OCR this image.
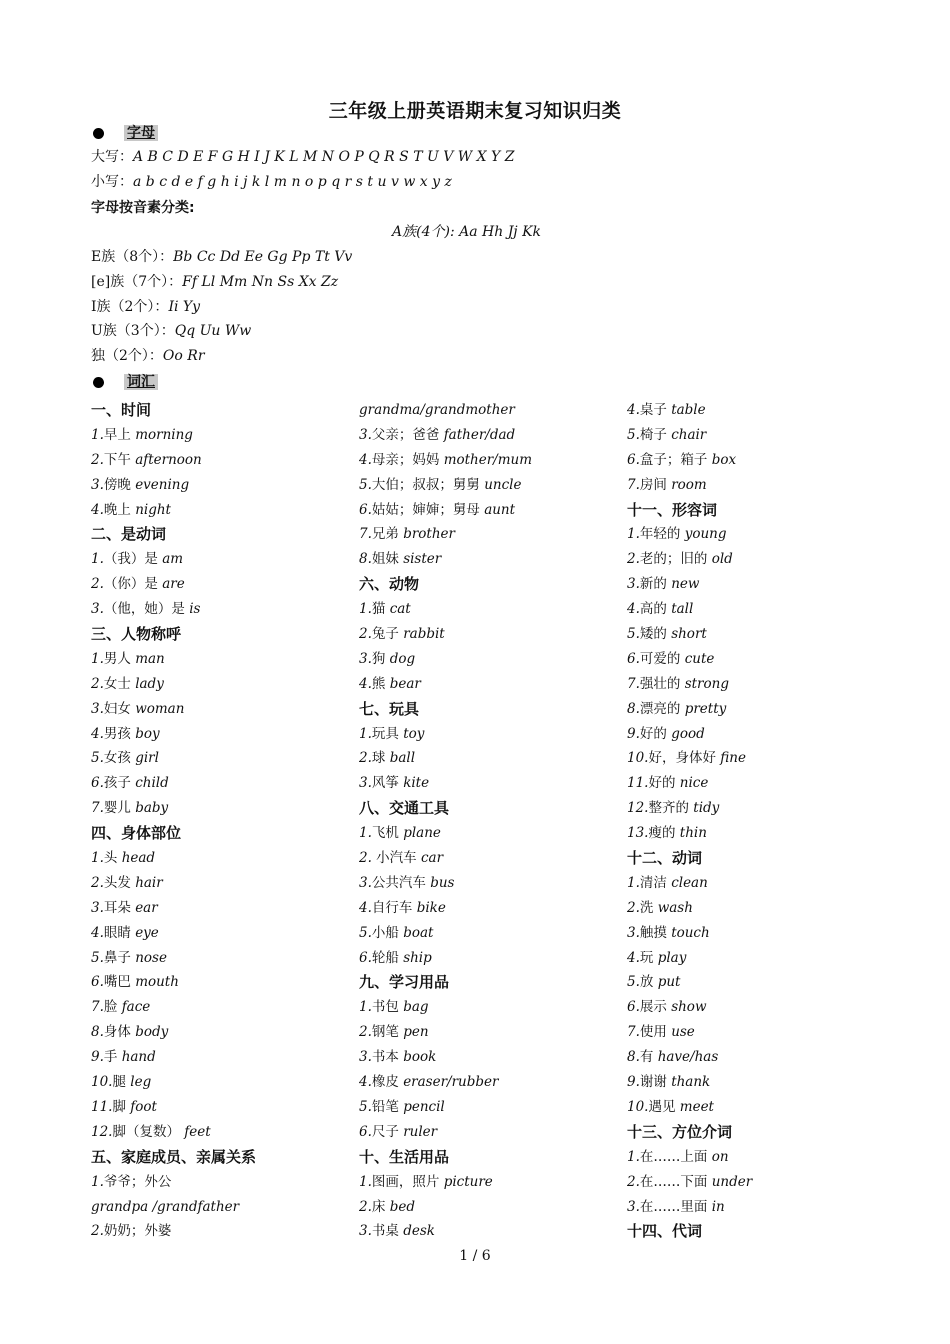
三年级上册英语期末复习知识归类
字母
大写：A B C D E F G H I J K L M N O P Q R S T U V W X Y Z
小写：a b c d e f g h i j k l m n o p q r s t u v w x y z
字母按音素分类:
A族(4个): Aa Hh Jj Kk
E族（8个）：Bb Cc Dd Ee Gg Pp Tt Vv
[e]族（7个）：Ff Ll Mm Nn Ss Xx Zz
I族（2个）：Ii Yy
U族（3个）：Qq Uu Ww
独（2个）：Oo Rr
词汇
一、时间
1.早上 morning
2.下午 afternoon
3.傍晚 evening
4.晚上 night
二、是动词
1.（我）是 am
2.（你）是 are
3.（他，她）是 is
三、人物称呼
1.男人 man
2.女士 lady
3.妇女 woman
4.男孩 boy
5.女孩 girl
6.孩子 child
7.婴儿 baby
四、身体部位
1.头 head
2.头发 hair
3.耳朵 ear
4.眼睛 eye
5.鼻子 nose
6.嘴巴 mouth
7.脸 face
8.身体 body
9.手 hand
10.腿 leg
11.脚 foot
12.脚（复数） feet
五、家庭成员、亲属关系
1.爷爷；外公
grandpa /grandfather
2.奶奶；外婆
grandma/grandmother
3.父亲；爸爸 father/dad
4.母亲；妈妈 mother/mum
5.大伯；叔叔；舅舅 uncle
6.姑姑；婶婶；舅母 aunt
7.兄弟 brother
8.姐妹 sister
六、动物
1.猫 cat
2.兔子 rabbit
3.狗 dog
4.熊 bear
七、玩具
1.玩具 toy
2.球 ball
3.风筝 kite
八、交通工具
1.飞机 plane
2. 小汽车 car
3.公共汽车 bus
4.自行车 bike
5.小船 boat
6.轮船 ship
九、学习用品
1.书包 bag
2.钢笔 pen
3.书本 book
4.橡皮 eraser/rubber
5.铅笔 pencil
6.尺子 ruler
十、生活用品
1.图画，照片 picture
2.床 bed
3.书桌 desk
4.桌子 table
5.椅子 chair
6.盒子；箱子 box
7.房间 room
十一、形容词
1.年轻的 young
2.老的；旧的 old
3.新的 new
4.高的 tall
5.矮的 short
6.可爱的 cute
7.强壮的 strong
8.漂亮的 pretty
9.好的 good
10.好，身体好 fine
11.好的 nice
12.整齐的 tidy
13.瘦的 thin
十二、动词
1.清洁 clean
2.洗 wash
3.触摸 touch
4.玩 play
5.放 put
6.展示 show
7.使用 use
8.有 have/has
9.谢谢 thank
10.遇见 meet
十三、方位介词
1.在……上面 on
2.在……下面 under
3.在……里面 in
十四、代词
1 / 6
